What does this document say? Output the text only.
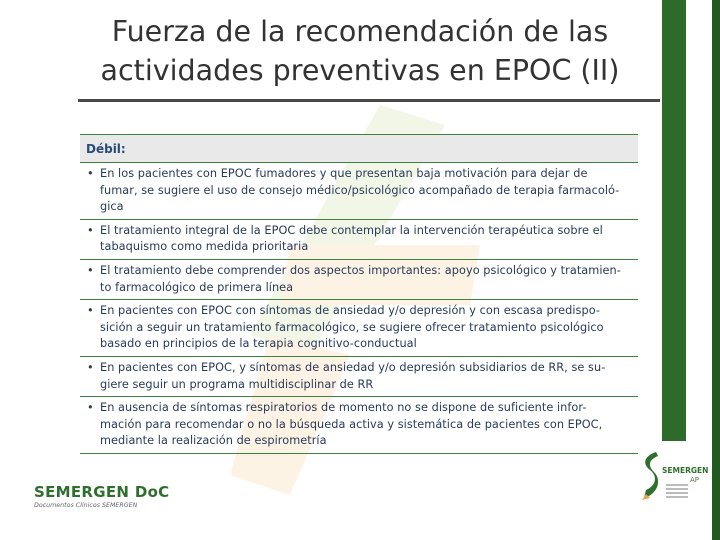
Fuerza de la recomendación de las
actividades preventivas en EPOC (II)
Débil:
• En los pacientes con EPOC fumadores y que presentan baja motivación para dejar de
fumar, se sugiere el uso de consejo médico/psicológico acompañado de terapia farmacoló-
gica
• El tratamiento integral de la EPOC debe contemplar la intervención terapéutica sobre el
tabaquismo como medida prioritaria
• El tratamiento debe comprender dos aspectos importantes: apoyo psicológico y tratamien-
to farmacológico de primera línea
• En pacientes con EPOC con síntomas de ansiedad y/o depresión y con escasa predispo-
sición a seguir un tratamiento farmacológico, se sugiere ofrecer tratamiento psicológico
basado en principios de la terapia cognitivo-conductual
• En pacientes con EPOC, y síntomas de ansiedad y/o depresión subsidiarios de RR, se su-
giere seguir un programa multidisciplinar de RR
• En ausencia de síntomas respiratorios de momento no se dispone de suficiente infor-
mación para recomendar o no la búsqueda activa y sistemática de pacientes con EPOC,
mediante la realización de espirometría
SEMERGEN DoC
Documentos Clínicos SEMERGEN
SEMERGEN
AP
